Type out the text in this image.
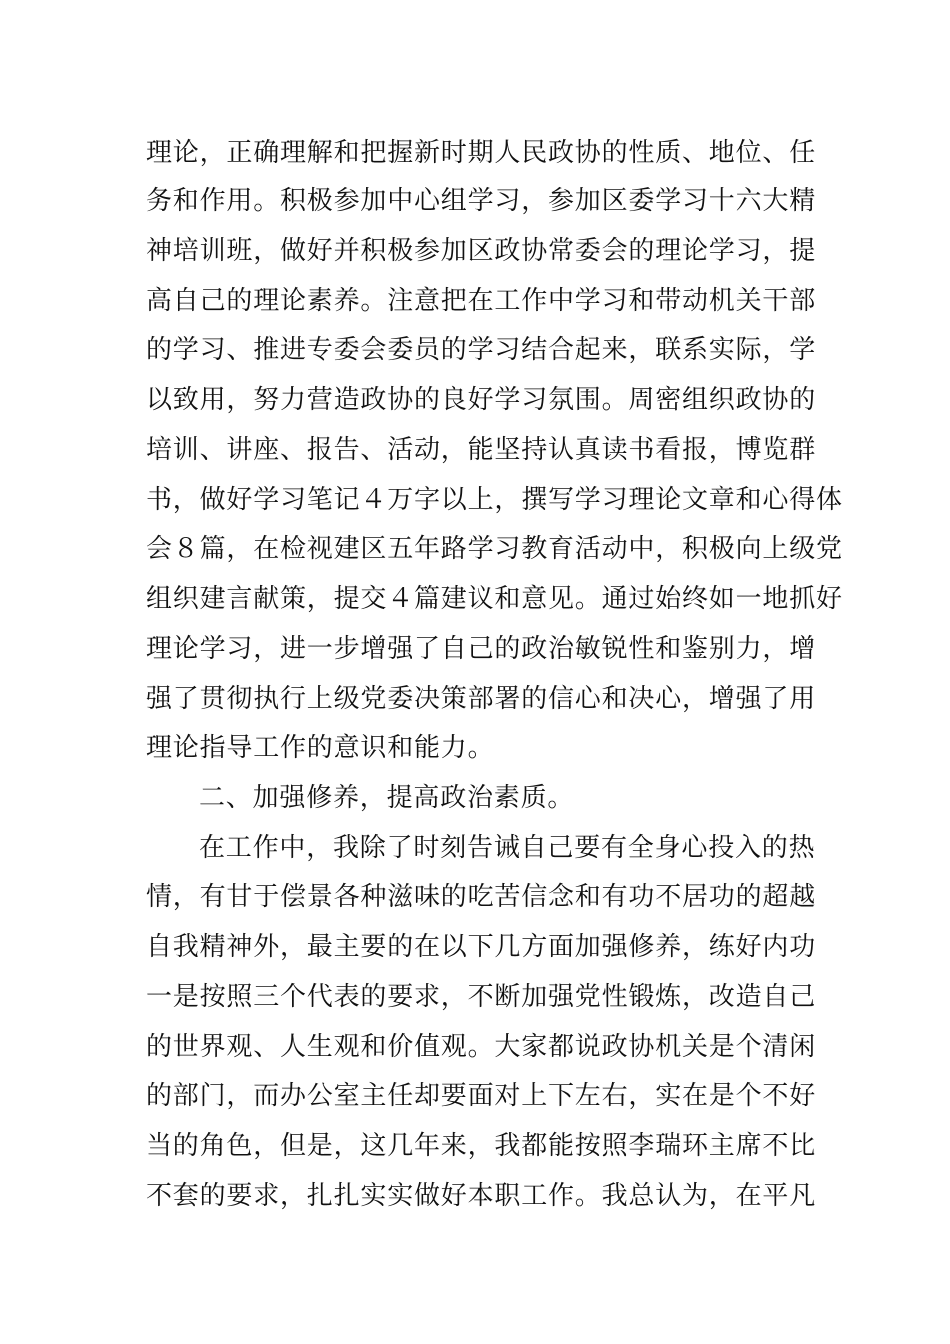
理论，正确理解和把握新时期人民政协的性质、地位、任
务和作用。积极参加中心组学习，参加区委学习十六大精
神培训班，做好并积极参加区政协常委会的理论学习，提
高自己的理论素养。注意把在工作中学习和带动机关干部
的学习、推进专委会委员的学习结合起来，联系实际，学
以致用，努力营造政协的良好学习氛围。周密组织政协的
培训、讲座、报告、活动，能坚持认真读书看报，博览群
书，做好学习笔记４万字以上，撰写学习理论文章和心得体
会８篇，在检视建区五年路学习教育活动中，积极向上级党
组织建言献策，提交４篇建议和意见。通过始终如一地抓好
理论学习，进一步增强了自己的政治敏锐性和鉴别力，增
强了贯彻执行上级党委决策部署的信心和决心，增强了用
理论指导工作的意识和能力。
二、加强修养，提高政治素质。
在工作中，我除了时刻告诫自己要有全身心投入的热
情，有甘于偿景各种滋味的吃苦信念和有功不居功的超越
自我精神外，最主要的在以下几方面加强修养，练好内功
一是按照三个代表的要求，不断加强党性锻炼，改造自己
的世界观、人生观和价值观。大家都说政协机关是个清闲
的部门，而办公室主任却要面对上下左右，实在是个不好
当的角色，但是，这几年来，我都能按照李瑞环主席不比
不套的要求，扎扎实实做好本职工作。我总认为，在平凡
